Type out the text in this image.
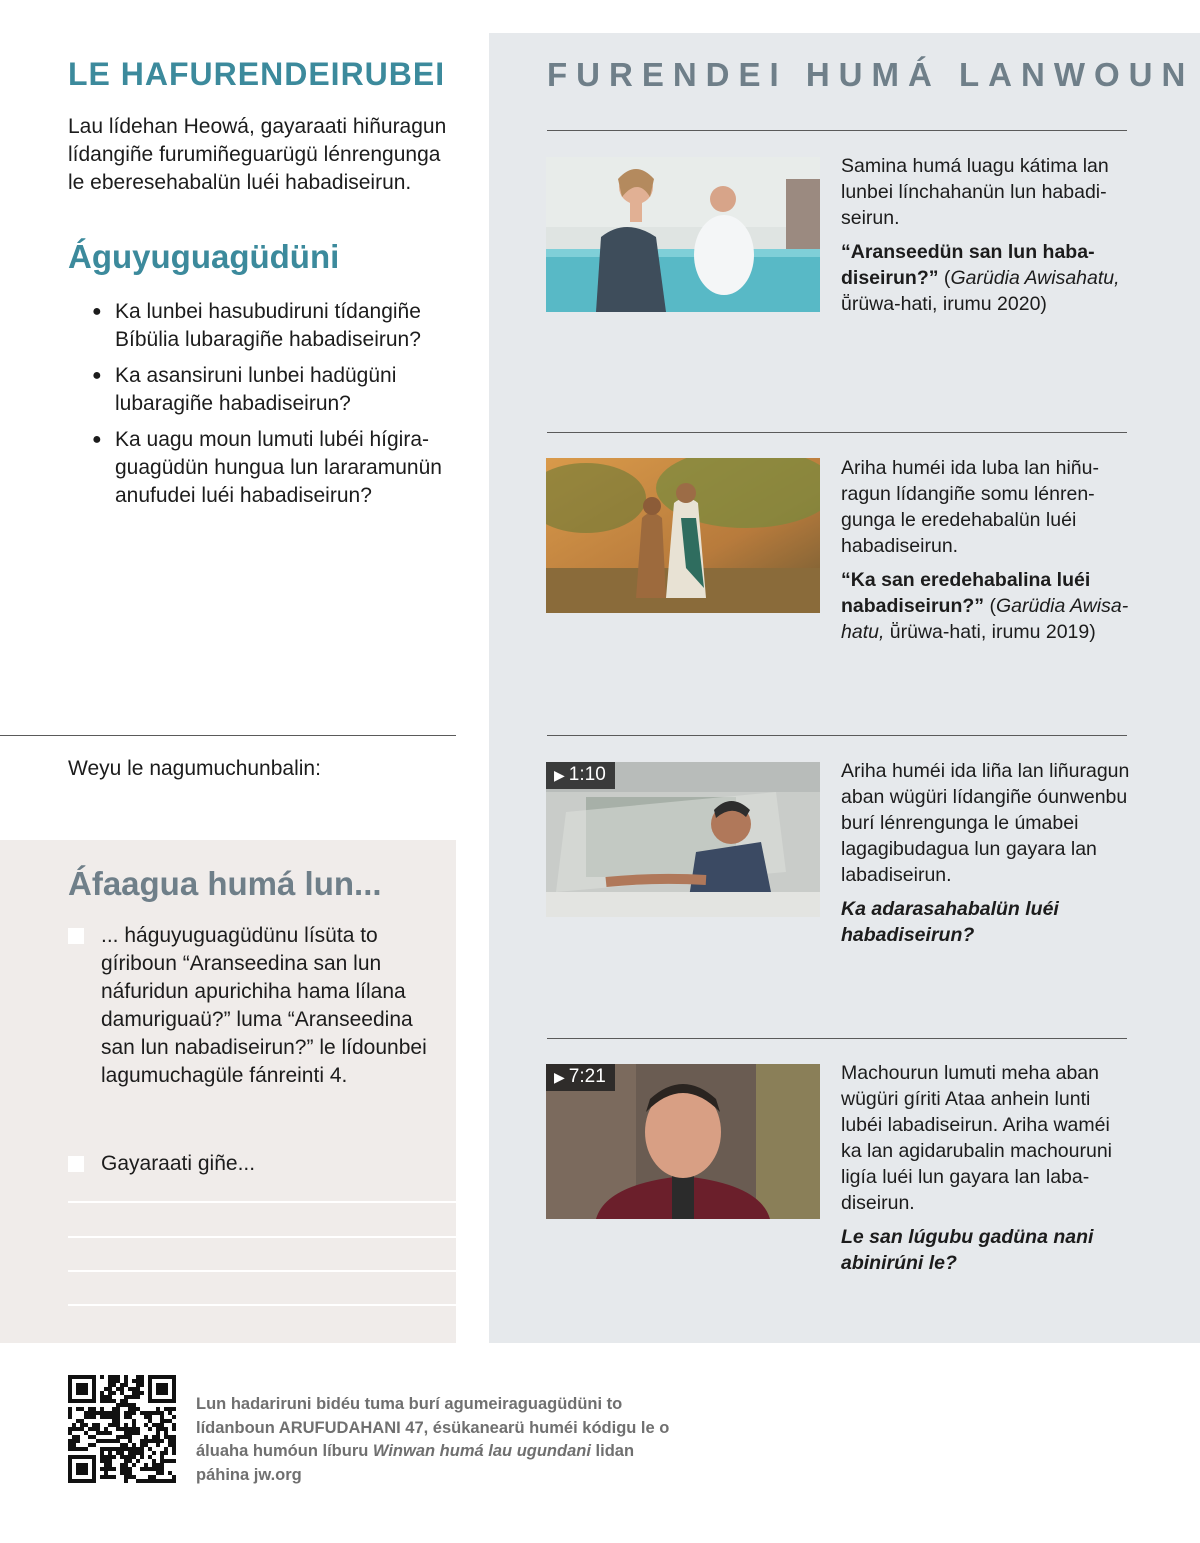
LE HAFURENDEIRUBEI

Lau lídehan Heowá, gayaraati hiñuragun lídangiñe furumiñeguarügü lénrengunga le eberesehabalün luéi habadiseirun.

Águyuguagüdüni
● Ka lunbei hasubudiruni tídangiñe Bíbülia lubaragiñe habadiseirun?
● Ka asansiruni lunbei hadügüni lubaragiñe habadiseirun?
● Ka uagu moun lumuti lubéi hígiraguagüdün hungua lun lararamunün anufudei luéi habadiseirun?
Weyu le nagumuchunbalin:
Áfaagua humá lun...
... háguyuguagüdünu lísüta to gíriboun “Aranseedina san lun náfuridun apurichiha hama lílana damuriguaü?” luma “Aranseedina san lun nabadiseirun?” le lídounbei lagumuchagüle fánreinti 4.
Gayaraati giñe...
FURENDEI HUMÁ LANWOUN

Samina humá luagu kátima lan lunbei línchahanün lun habadiseirun.

“Aranseedün san lun habadiseirun?” (Garüdia Awisahatu, ṻrüwa-hati, irumu 2020)

Ariha huméi ida luba lan hiñuragun lídangiñe somu lénrengunga le eredehabalün luéi habadiseirun.

“Ka san eredehabalina luéi nabadiseirun?” (Garüdia Awisahatu, ṻrüwa-hati, irumu 2019)

▶ 1:10	Ariha huméi ida liña lan liñuragun aban wügüri lídangiñe óunwenbu burí lénrengunga le úmabei lagagibudagua lun gayara lan labadiseirun.

Ka adarasahabalün luéi habadiseirun?

▶ 7:21	Machourun lumuti meha aban wügüri gíriti Ataa anhein lunti lubéi labadiseirun. Ariha waméi ka lan agidarubalin machouruni ligía luéi lun gayara lan labadiseirun.

Le san lúgubu gadüna nani abinirúni le?

Lun hadariruni bidéu tuma burí agumeiraguagüdüni to lídanboun ARUFUDAHANI 47, ésükanearü huméi kódigu le o áluaha humóun líburu Winwan humá lau ugundani lidan páhina jw.org
